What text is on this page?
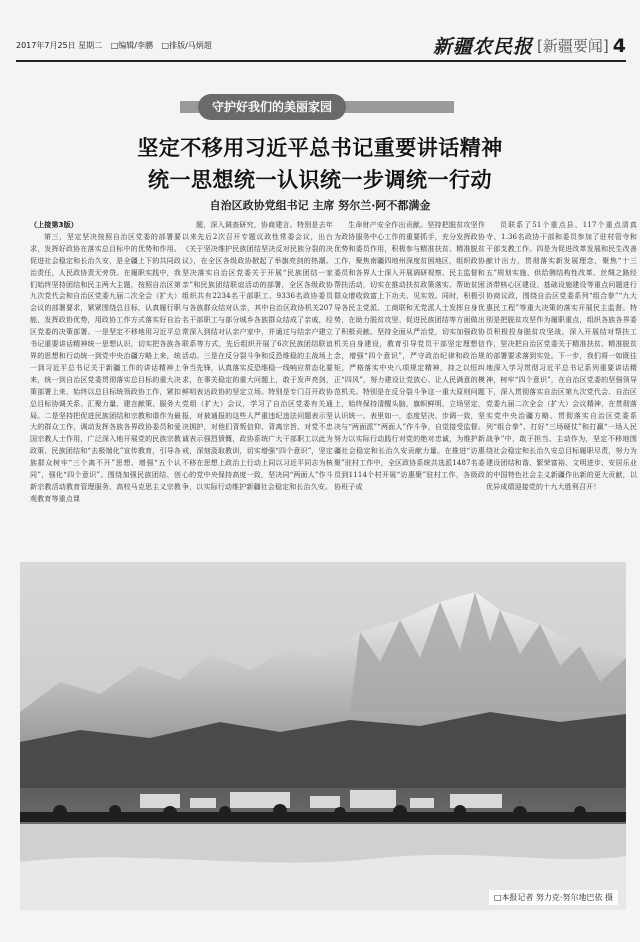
2017年7月25日 星期二 □编辑/李鹏 □排版/马炳超	新疆农民报 [新疆要闻] 4
守护好我们的美丽家园
坚定不移用习近平总书记重要讲话精神
统一思想统一认识统一步调统一行动
自治区政协党组书记 主席 努尔兰·阿不都满金

（上接第3版）

第三，坚定坚决按照自治区党委的部署要求，发挥好政协在落实总目标中的优势和作用。促进社会稳定和长治久安，是全疆上下的共同政治责任，人民政协责无旁贷。在履职实践中，我们始终坚持团结和民主两大主题，按照自治区第九次党代会和自治区党委九届二次全会（扩大）会议的部署要求，紧紧围绕总目标，认真履行职能，发挥政协优势，用政协工作方式落实好自治区党委的决策部署。一是坚定不移地用习近平总书记重要讲话精神统一思想认识，切实把各族各界的思想和行动统一到党中央治疆方略上来，统一到习近平总书记关于新疆工作的讲话精神上来，统一到自治区党委贯彻落实总目标的重大决策部署上来，始终以总目标统领政协工作，紧扣总目标协调关系、汇聚力量、建言献策、服务大局。二是坚持把促进民族团结和宗教和谐作为最大的群众工作，调动发挥各族各界政协委员和爱国宗教人士作用，广泛深入地开展党的民族宗教政策、民族团结和“去极端化”宣传教育，引导各族群众树牢“三个离不开”思想、增强“五个认同”，强化“四个意识”。围绕加强民族团结、创新宗教活动教育管理服务、高校马克思主义宗教观教育等重点课

题，深入调查研究，协商建言。特别是去年以来先后2次召开专题议政性常委会议，出台《关于坚决维护民族团结坚决反对民族分裂的决议》，在全区各级政协掀起了举旗亮剑的热潮。坚决落实自治区党委关于开展“民族团结一家亲”和民族团结联谊活动的部署，全区各级政协组织共有2234名干部职工、9336名政协委员与各族群众结对认亲，其中自治区政协机关207名干部职工与部分城乡各族群众结成了亲戚，经常深入到结对认亲户家中，并通过与结亲户建立联系等方式，先后组织开展了6次民族团结联谊活动。三是在反分裂斗争和反恐维稳的主战场上争当先锋，认真落实反恐维稳一线响应常态化要求，在事关稳定的重大问题上，敢于发声亮剑，鲜明表达政协的坚定立场。特别是专门召开政协党组（扩大）会议，学习了自治区党委有关通报，对被通报的这些人严重违纪违法问题表示坚决拥护，对他们背叛信仰、背离宗旨、对党不忠诚表示强烈愤慨，政协系统广大干部职工以此为戒，深刻汲取教训，切实增强“四个意识”，坚定不移在思想上政治上行动上同以习近平同志为核心的党中央保持高度一致，坚决同“两面人”作斗争，以实际行动维护新疆社会稳定和长治久安。

生命财产安全作出贡献。坚持把脱贫攻坚作为政协服务中心工作的重要抓手，充分发挥政协优势和委员作用，积极参与精准扶贫、精准脱贫工作，聚焦南疆四地州深度贫困地区，组织政协委员和各界人士深入开展调研视察、民主监督和帮扶活动，切实在推动扶贫政策落实、帮助贫困群众增收致富上下功夫、见实效。同时，积极引导各民主党派、工商联和无党派人士发挥自身优势，在助力脱贫攻坚、促进民族团结等方面做出了积极贡献。坚持全面从严治党，切实加强政协机关自身建设，教育引导党员干部坚定理想信念，增强“四个意识”，严守政治纪律和政治规矩，严格落实中央八项规定精神，持之以恒纠正“四风”，努力建设让党放心、让人民满意的模范机关。特别是在反分裂斗争这一重大原则问题上，始终保持清醒头脑，旗帜鲜明、立场坚定，认识统一、表里如一，态度坚决、步调一致，坚决与“两面派”“两面人”作斗争，自觉接受监督。努力以实际行动践行对党的绝对忠诚，为维护新疆社会稳定和长治久安贡献力量。在推进“访惠聚”驻村工作中，全区政协系统共选派1487名委员到1114个村开展“访惠聚”驻村工作，各级政协班子成

员联系了51个重点县、117个重点清真寺、1.36名政协干部和委员参加了驻村管寺和干部支教工作。四是为促进改革发展和民生改善献计出力，贯彻落实新发展理念，聚焦“十三五”规划实施、供给侧结构性改革、丝绸之路经济带核心区建设、基础设施建设等重点问题进行协商议政，围绕自治区党委系列“组合拳”“九大惠民工程”等重大决策的落实开展民主监督。特别是把脱贫攻坚作为履职重点，组织各族各界委员积极投身脱贫攻坚战，深入开展结对帮扶工作，坚决把自治区党委关于精准扶贫、精准脱贫的部署要求落到实处。下一步，我们将一如既往地深入学习贯彻习近平总书记系列重要讲话精神，树牢“四个意识”，在自治区党委的坚强领导下，深入贯彻落实自治区第九次党代会、自治区党委九届二次全会（扩大）会议精神，在贯彻落实党中央治疆方略、贯彻落实自治区党委系列“组合拳”、打好“三场硬仗”和打赢“一场人民战争”中，敢于担当、主动作为，坚定不移地围绕社会稳定和长治久安总目标履职尽责，努力为建设团结和谐、繁荣富裕、文明进步、安居乐业的中国特色社会主义新疆作出新的更大贡献，以优异成绩迎接党的十九大胜利召开！

□本报记者 努力克·努尔地巴依 摄
